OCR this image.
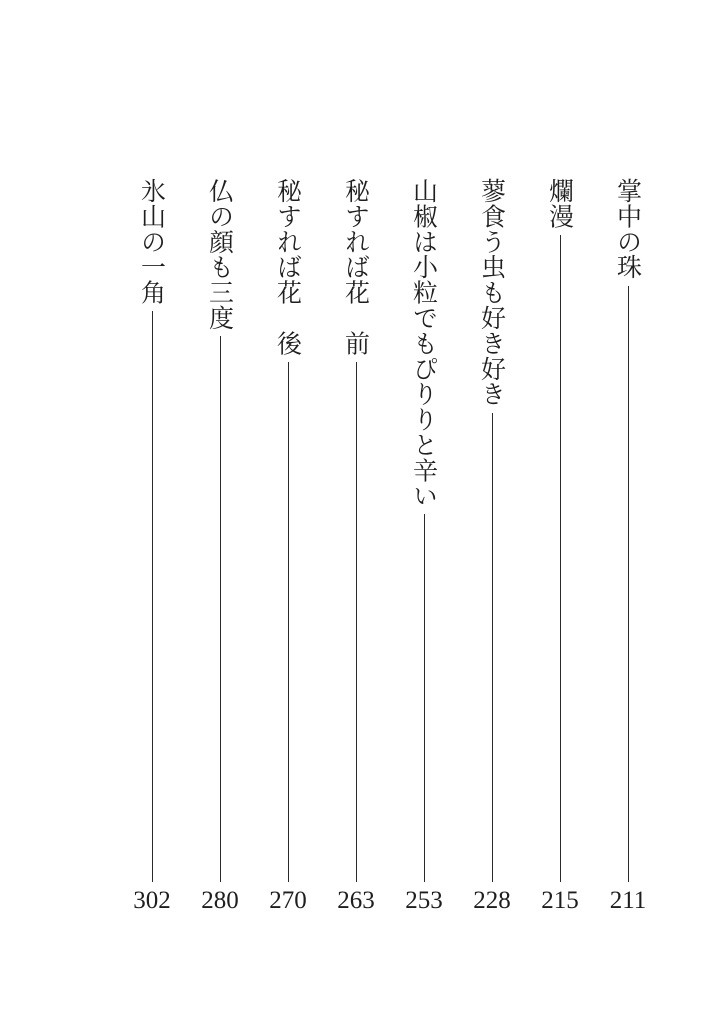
掌中の珠
211
爛漫
215
蓼食う虫も好き好き
228
山椒は小粒でもぴりりと辛い
253
秘すれば花　前
263
秘すれば花　後
270
仏の顔も三度
280
氷山の一角
302
